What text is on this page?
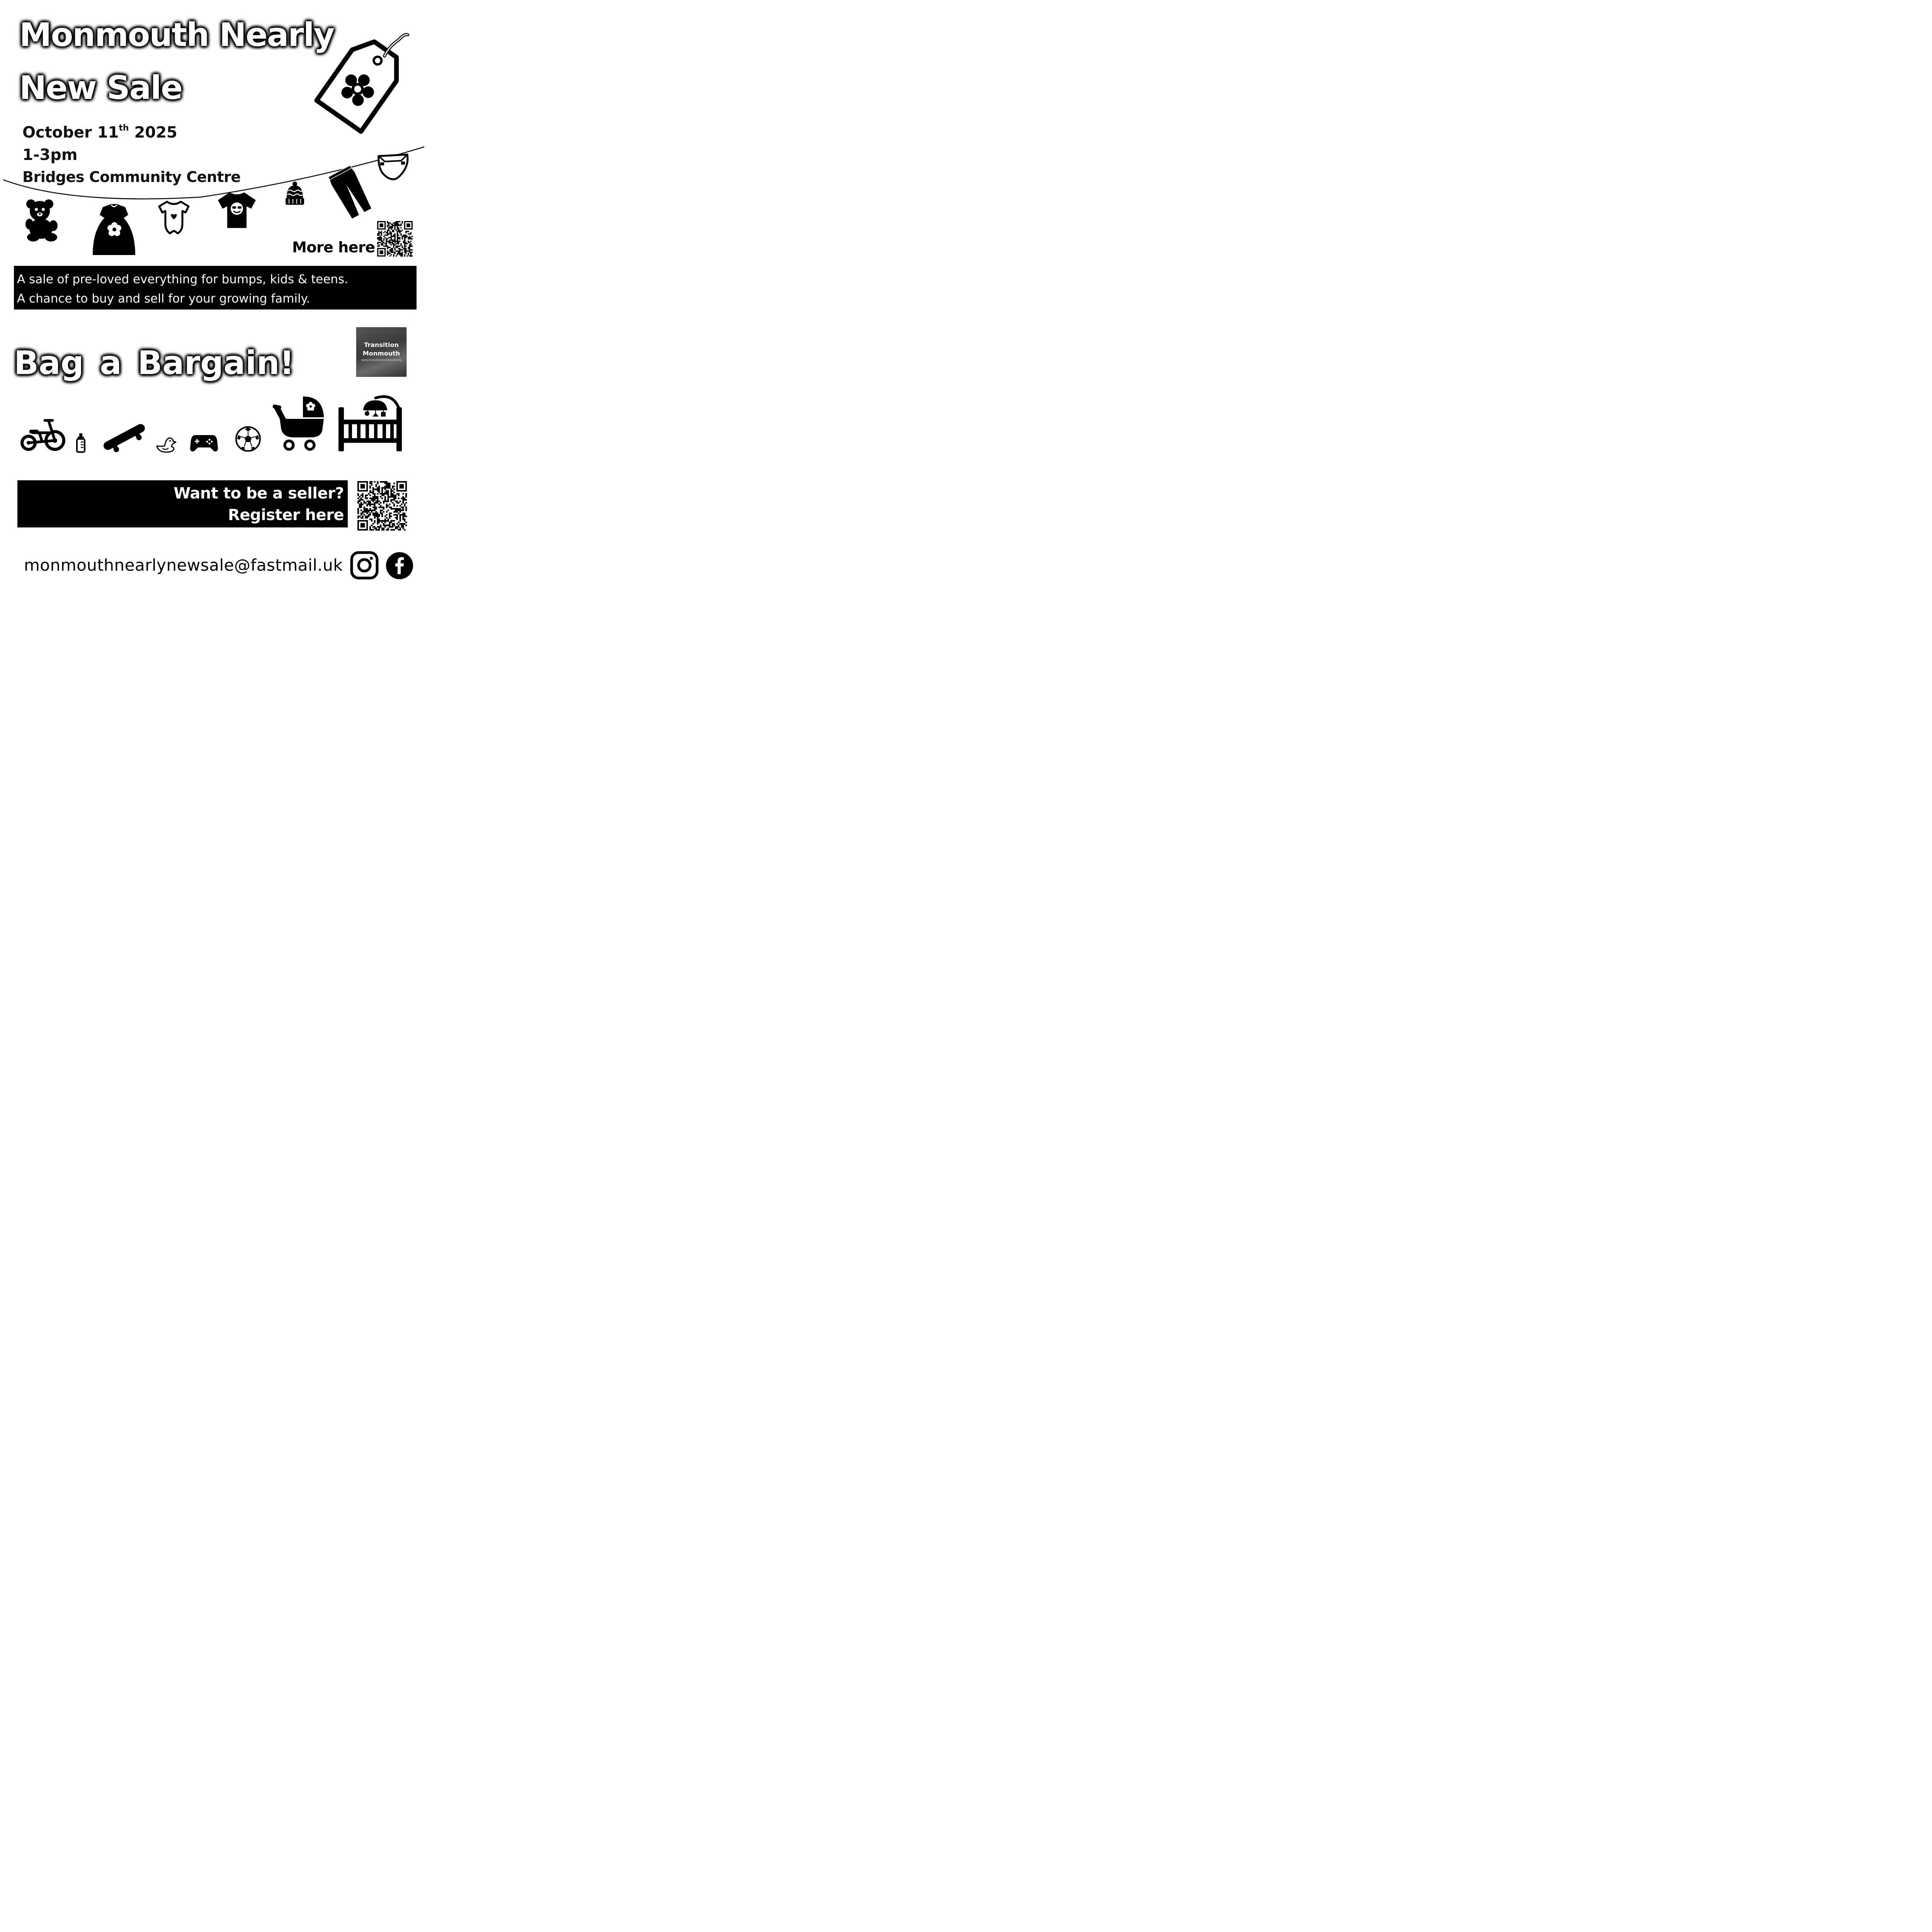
Monmouth Nearly
New Sale
October 11th 2025
1-3pm
Bridges Community Centre
More here
A sale of pre-loved everything for bumps, kids & teens.
A chance to buy and sell for your growing family.
Bag a Bargain!	Transition
Monmouth
www.transitionmonmouth.org
Want to be a seller?
Register here
monmouthnearlynewsale@fastmail.uk
